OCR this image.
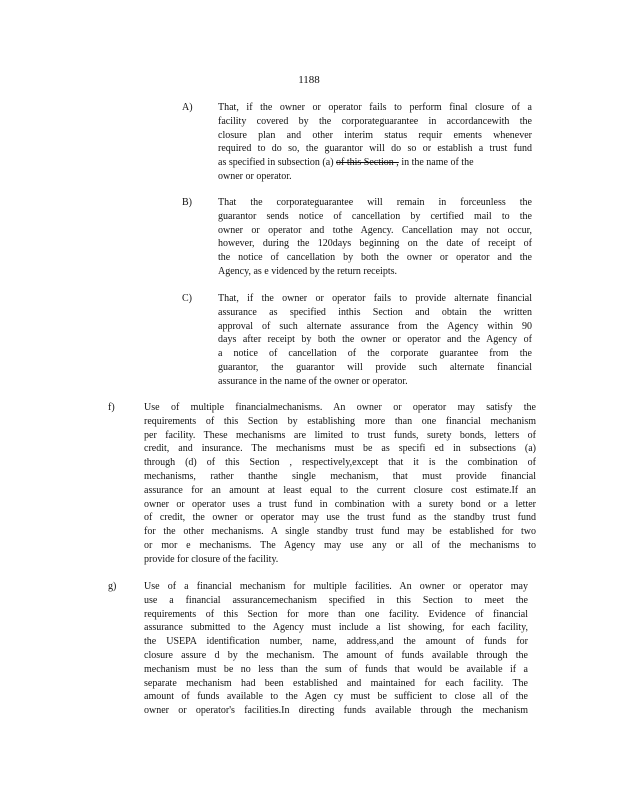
1188
A)	That, if the owner or operator fails to perform final closure of a
facility covered by the corporateguarantee in accordancewith the
closure plan and other interim status requir ements whenever
required to do so, the guarantor will do so or establish a trust fund
as specified in subsection (a) of this Section , in the name of the
owner or operator.
B)	That the corporateguarantee will remain in forceunless the
guarantor sends notice of cancellation by certified mail to the
owner or operator and tothe Agency. Cancellation may not occur,
however, during the 120days beginning on the date of receipt of
the notice of cancellation by both the owner or operator and the
Agency, as e videnced by the return receipts.
C)	That, if the owner or operator fails to provide alternate financial
assurance as specified inthis Section and obtain the written
approval of such alternate assurance from the Agency within 90
days after receipt by both the owner or operator and the Agency of
a notice of cancellation of the corporate guarantee from the
guarantor, the guarantor will provide such alternate financial
assurance in the name of the owner or operator.
f)	Use of multiple financialmechanisms. An owner or operator may satisfy the
requirements of this Section by establishing more than one financial mechanism
per facility. These mechanisms are limited to trust funds, surety bonds, letters of
credit, and insurance. The mechanisms must be as specifi ed in subsections (a)
through (d) of this Section , respectively,except that it is the combination of
mechanisms, rather thanthe single mechanism, that must provide financial
assurance for an amount at least equal to the current closure cost estimate.If an
owner or operator uses a trust fund in combination with a surety bond or a letter
of credit, the owner or operator may use the trust fund as the standby trust fund
for the other mechanisms. A single standby trust fund may be established for two
or mor e mechanisms. The Agency may use any or all of the mechanisms to
provide for closure of the facility.
g)	Use of a financial mechanism for multiple facilities. An owner or operator may
use a financial assurancemechanism specified in this Section to meet the
requirements of this Section for more than one facility. Evidence of financial
assurance submitted to the Agency must include a list showing, for each facility,
the USEPA identification number, name, address,and the amount of funds for
closure assure d by the mechanism. The amount of funds available through the
mechanism must be no less than the sum of funds that would be available if a
separate mechanism had been established and maintained for each facility. The
amount of funds available to the Agen cy must be sufficient to close all of the
owner or operator's facilities.In directing funds available through the mechanism
